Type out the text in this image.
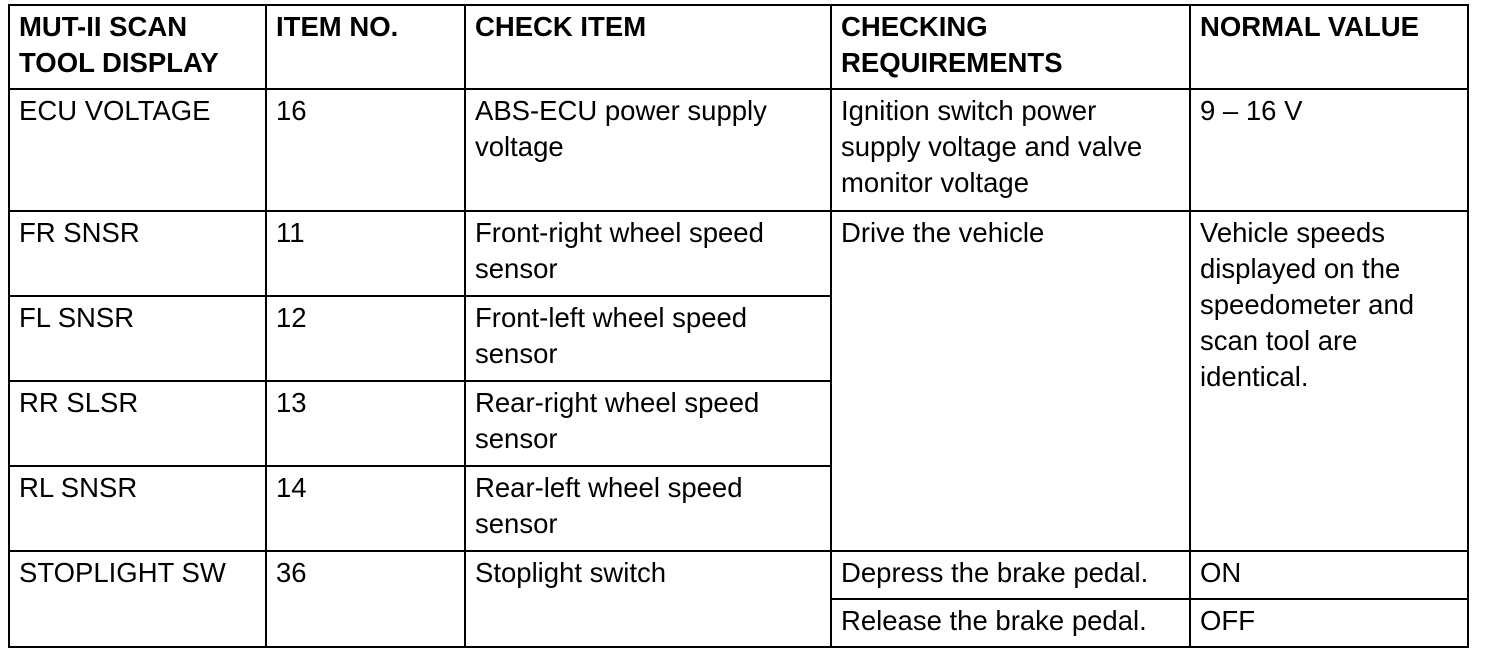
MUT-II SCAN TOOL DISPLAY	ITEM NO.	CHECK ITEM	CHECKING REQUIREMENTS	NORMAL VALUE
ECU VOLTAGE	16	ABS-ECU power supply voltage	Ignition switch power supply voltage and valve monitor voltage	9 – 16 V
FR SNSR	11	Front-right wheel speed sensor	Drive the vehicle	Vehicle speeds displayed on the speedometer and scan tool are identical.
FL SNSR	12	Front-left wheel speed sensor		
RR SLSR	13	Rear-right wheel speed sensor		
RL SNSR	14	Rear-left wheel speed sensor		
STOPLIGHT SW	36	Stoplight switch	Depress the brake pedal.	ON
			Release the brake pedal.	OFF
